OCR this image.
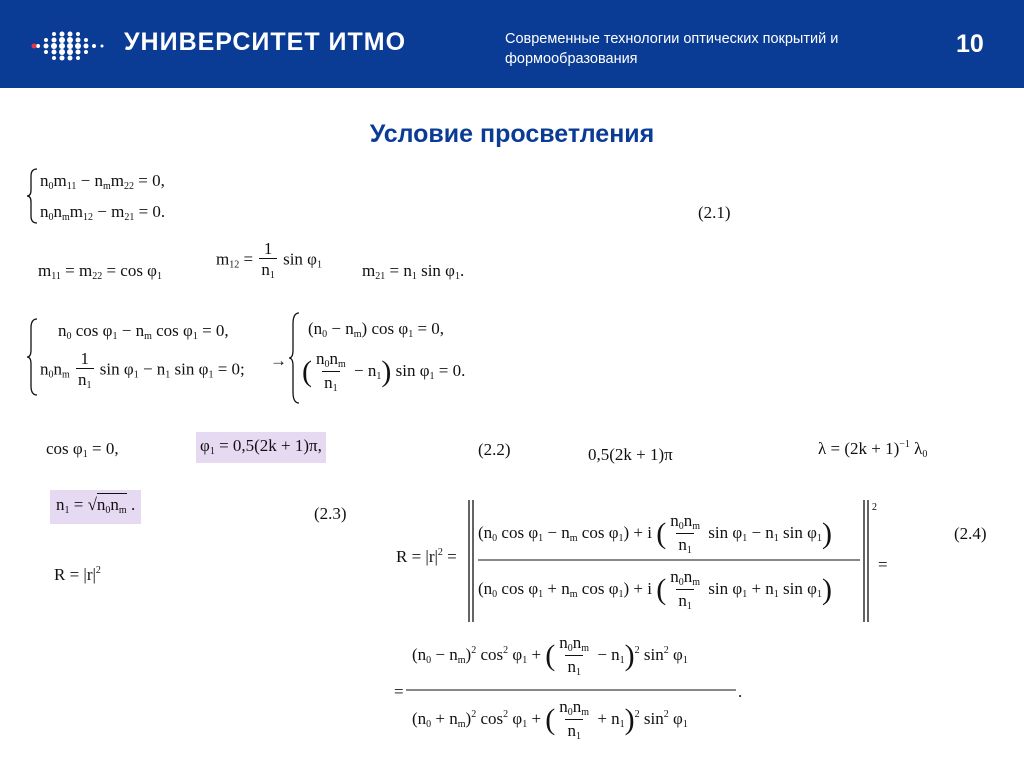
УНИВЕРСИТЕТ ИТМО	Современные технологии оптических покрытий и формообразования
10
Условие просветления
$n_0m_{11} - n_mm_{22} = 0$,
$n_0n_mm_{12} - m_{21} = 0$.	(2.1)
$m_{11} = m_{22} = \cos \varphi_1$
$m_{12} = \frac{1}{n_1}$ $\sin \varphi_1$ $m_{21} = n_1$ $\sin \varphi_1$.
$n_0$ $\cos \varphi_1 - n_m$ $\cos \varphi_1 = 0$,
$n_0n_m \frac{1}{n_1}$ $\sin \varphi_1 - n_1$ $\sin \varphi_1 = 0$; →
$(n_0 - n_m)$ $\cos \varphi_1 = 0$,
( $\frac{n_0n_m}{n_1} - n_1$) $\sin \varphi_1 = 0$.
$\cos \varphi_1 = 0$,	$\varphi_1 = 0,5(2k + 1)\pi$,	(2.2)	0,5(2k + 1)π	$\lambda = (2k + 1)^{-1}$ $\lambda_0$
$n_1 = √n_0n_m$ .	(2.3)
$R = |r|^2$
$R = |r|^2$ =
2
($n_0$ $\cos \varphi_1 - n_m$ $\cos \varphi_1) + i$ ( $\frac{n_0n_m}{n_1}$ $\sin \varphi_1 - n_1$ $\sin \varphi_1$)
($n_0$ $\cos \varphi_1 + n_m$ $\cos \varphi_1) + i$ ( $\frac{n_0n_m}{n_1}$ $\sin \varphi_1 + n_1$ $\sin \varphi_1$)
=
(2.4)
=
$(n_0 - n_m)^2$ $\cos^2 \varphi_1$ + ( $\frac{n_0n_m}{n_1} - n_1)^2$ $\sin^2 \varphi_1$
$(n_0 + n_m)^2$ $\cos^2 \varphi_1$ + ( $\frac{n_0n_m}{n_1} + n_1)^2$ $\sin^2 \varphi_1$
.
